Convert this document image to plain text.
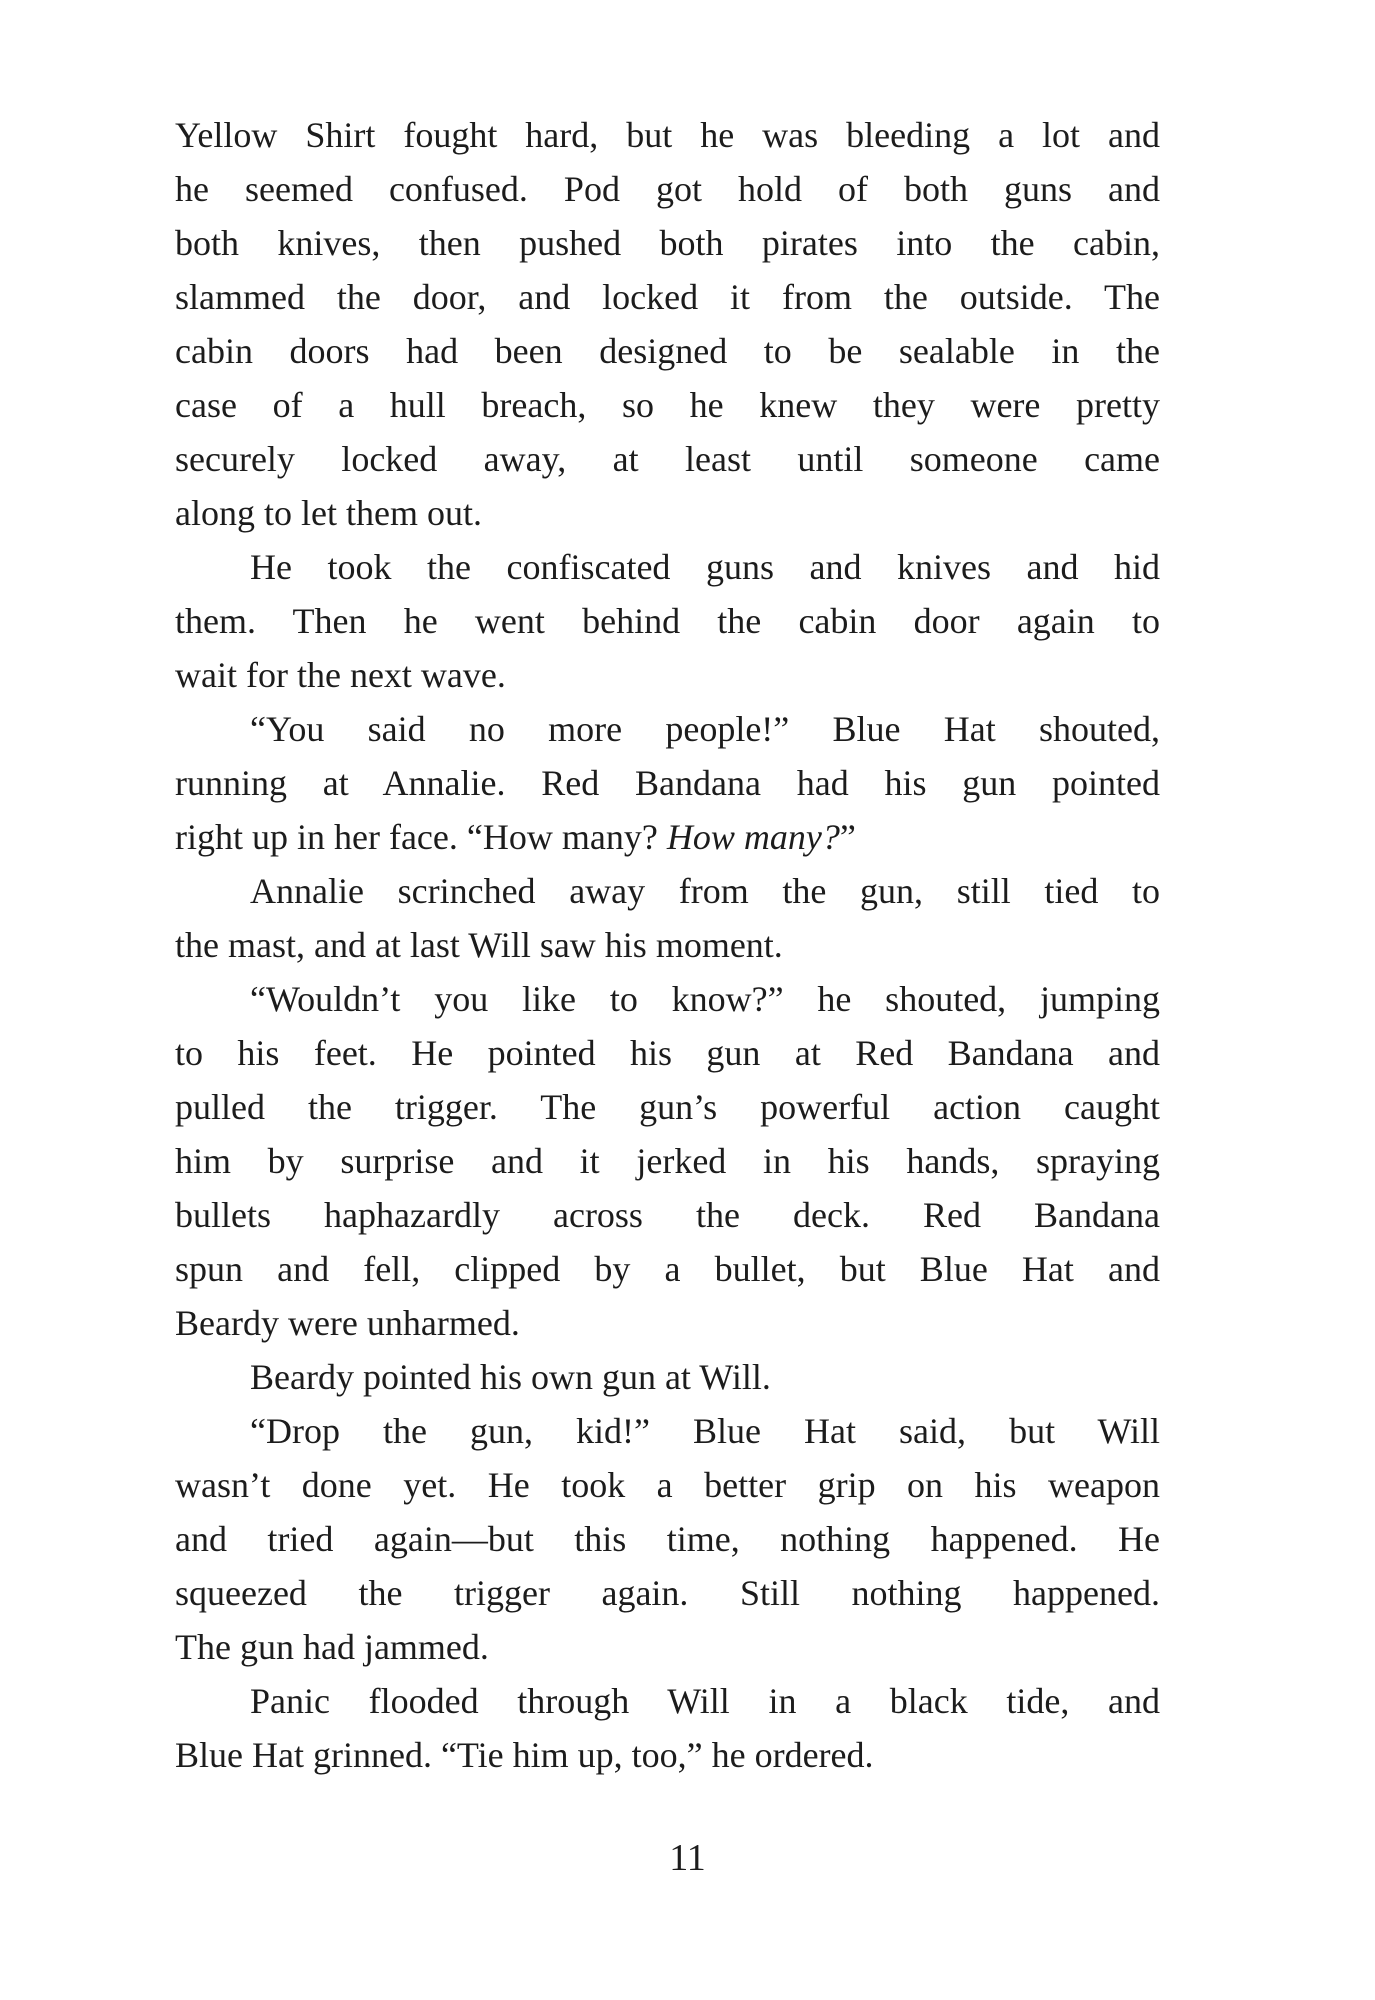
Yellow Shirt fought hard, but he was bleeding a lot and
he seemed confused. Pod got hold of both guns and
both knives, then pushed both pirates into the cabin,
slammed the door, and locked it from the outside. The
cabin doors had been designed to be sealable in the
case of a hull breach, so he knew they were pretty
securely locked away, at least until someone came
along to let them out.
He took the confiscated guns and knives and hid
them. Then he went behind the cabin door again to
wait for the next wave.
“You said no more people!” Blue Hat shouted,
running at Annalie. Red Bandana had his gun pointed
right up in her face. “How many? How many?”
Annalie scrinched away from the gun, still tied to
the mast, and at last Will saw his moment.
“Wouldn’t you like to know?” he shouted, jumping
to his feet. He pointed his gun at Red Bandana and
pulled the trigger. The gun’s powerful action caught
him by surprise and it jerked in his hands, spraying
bullets haphazardly across the deck. Red Bandana
spun and fell, clipped by a bullet, but Blue Hat and
Beardy were unharmed.
Beardy pointed his own gun at Will.
“Drop the gun, kid!” Blue Hat said, but Will
wasn’t done yet. He took a better grip on his weapon
and tried again—but this time, nothing happened. He
squeezed the trigger again. Still nothing happened.
The gun had jammed.
Panic flooded through Will in a black tide, and
Blue Hat grinned. “Tie him up, too,” he ordered.
11
